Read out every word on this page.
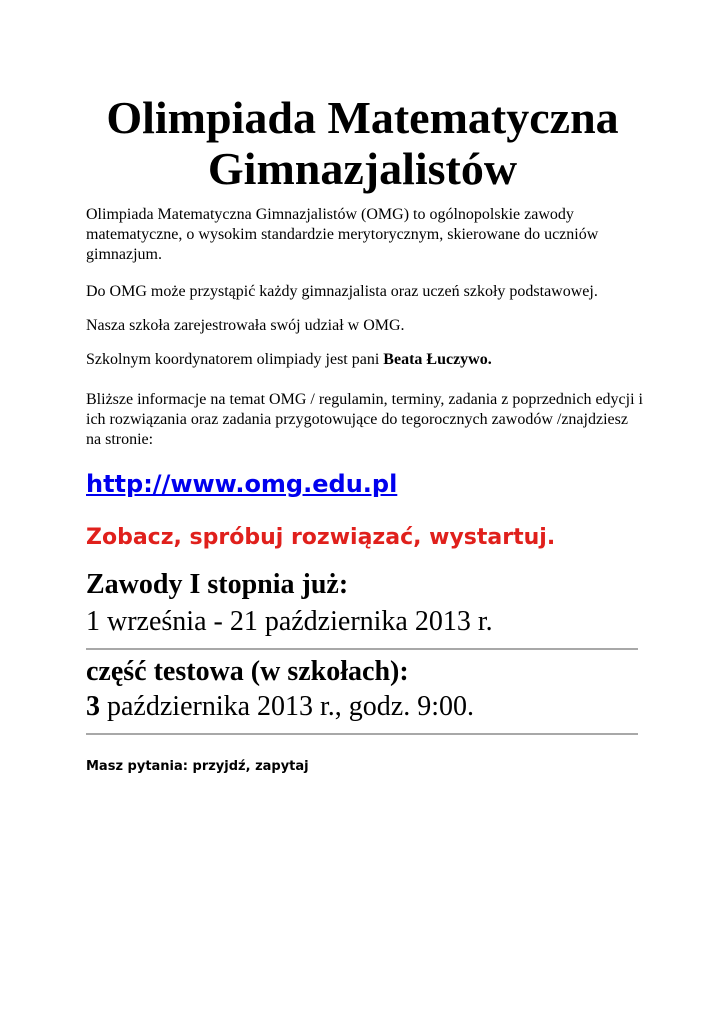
Olimpiada Matematyczna
Gimnazjalistów
Olimpiada Matematyczna Gimnazjalistów (OMG) to ogólnopolskie zawody matematyczne, o wysokim standardzie merytorycznym, skierowane do uczniów gimnazjum.
Do OMG może przystąpić każdy gimnazjalista oraz uczeń szkoły podstawowej.
Nasza szkoła zarejestrowała swój udział w OMG.
Szkolnym koordynatorem olimpiady jest pani Beata Łuczywo.
Bliższe informacje na temat OMG / regulamin, terminy, zadania z poprzednich edycji i ich rozwiązania oraz zadania przygotowujące do tegorocznych zawodów /znajdziesz na stronie:
http://www.omg.edu.pl
Zobacz, spróbuj rozwiązać, wystartuj.
Zawody I stopnia już:
1 września - 21 października 2013 r.
część testowa (w szkołach):
3 października 2013 r., godz. 9:00.
Masz pytania: przyjdź, zapytaj
